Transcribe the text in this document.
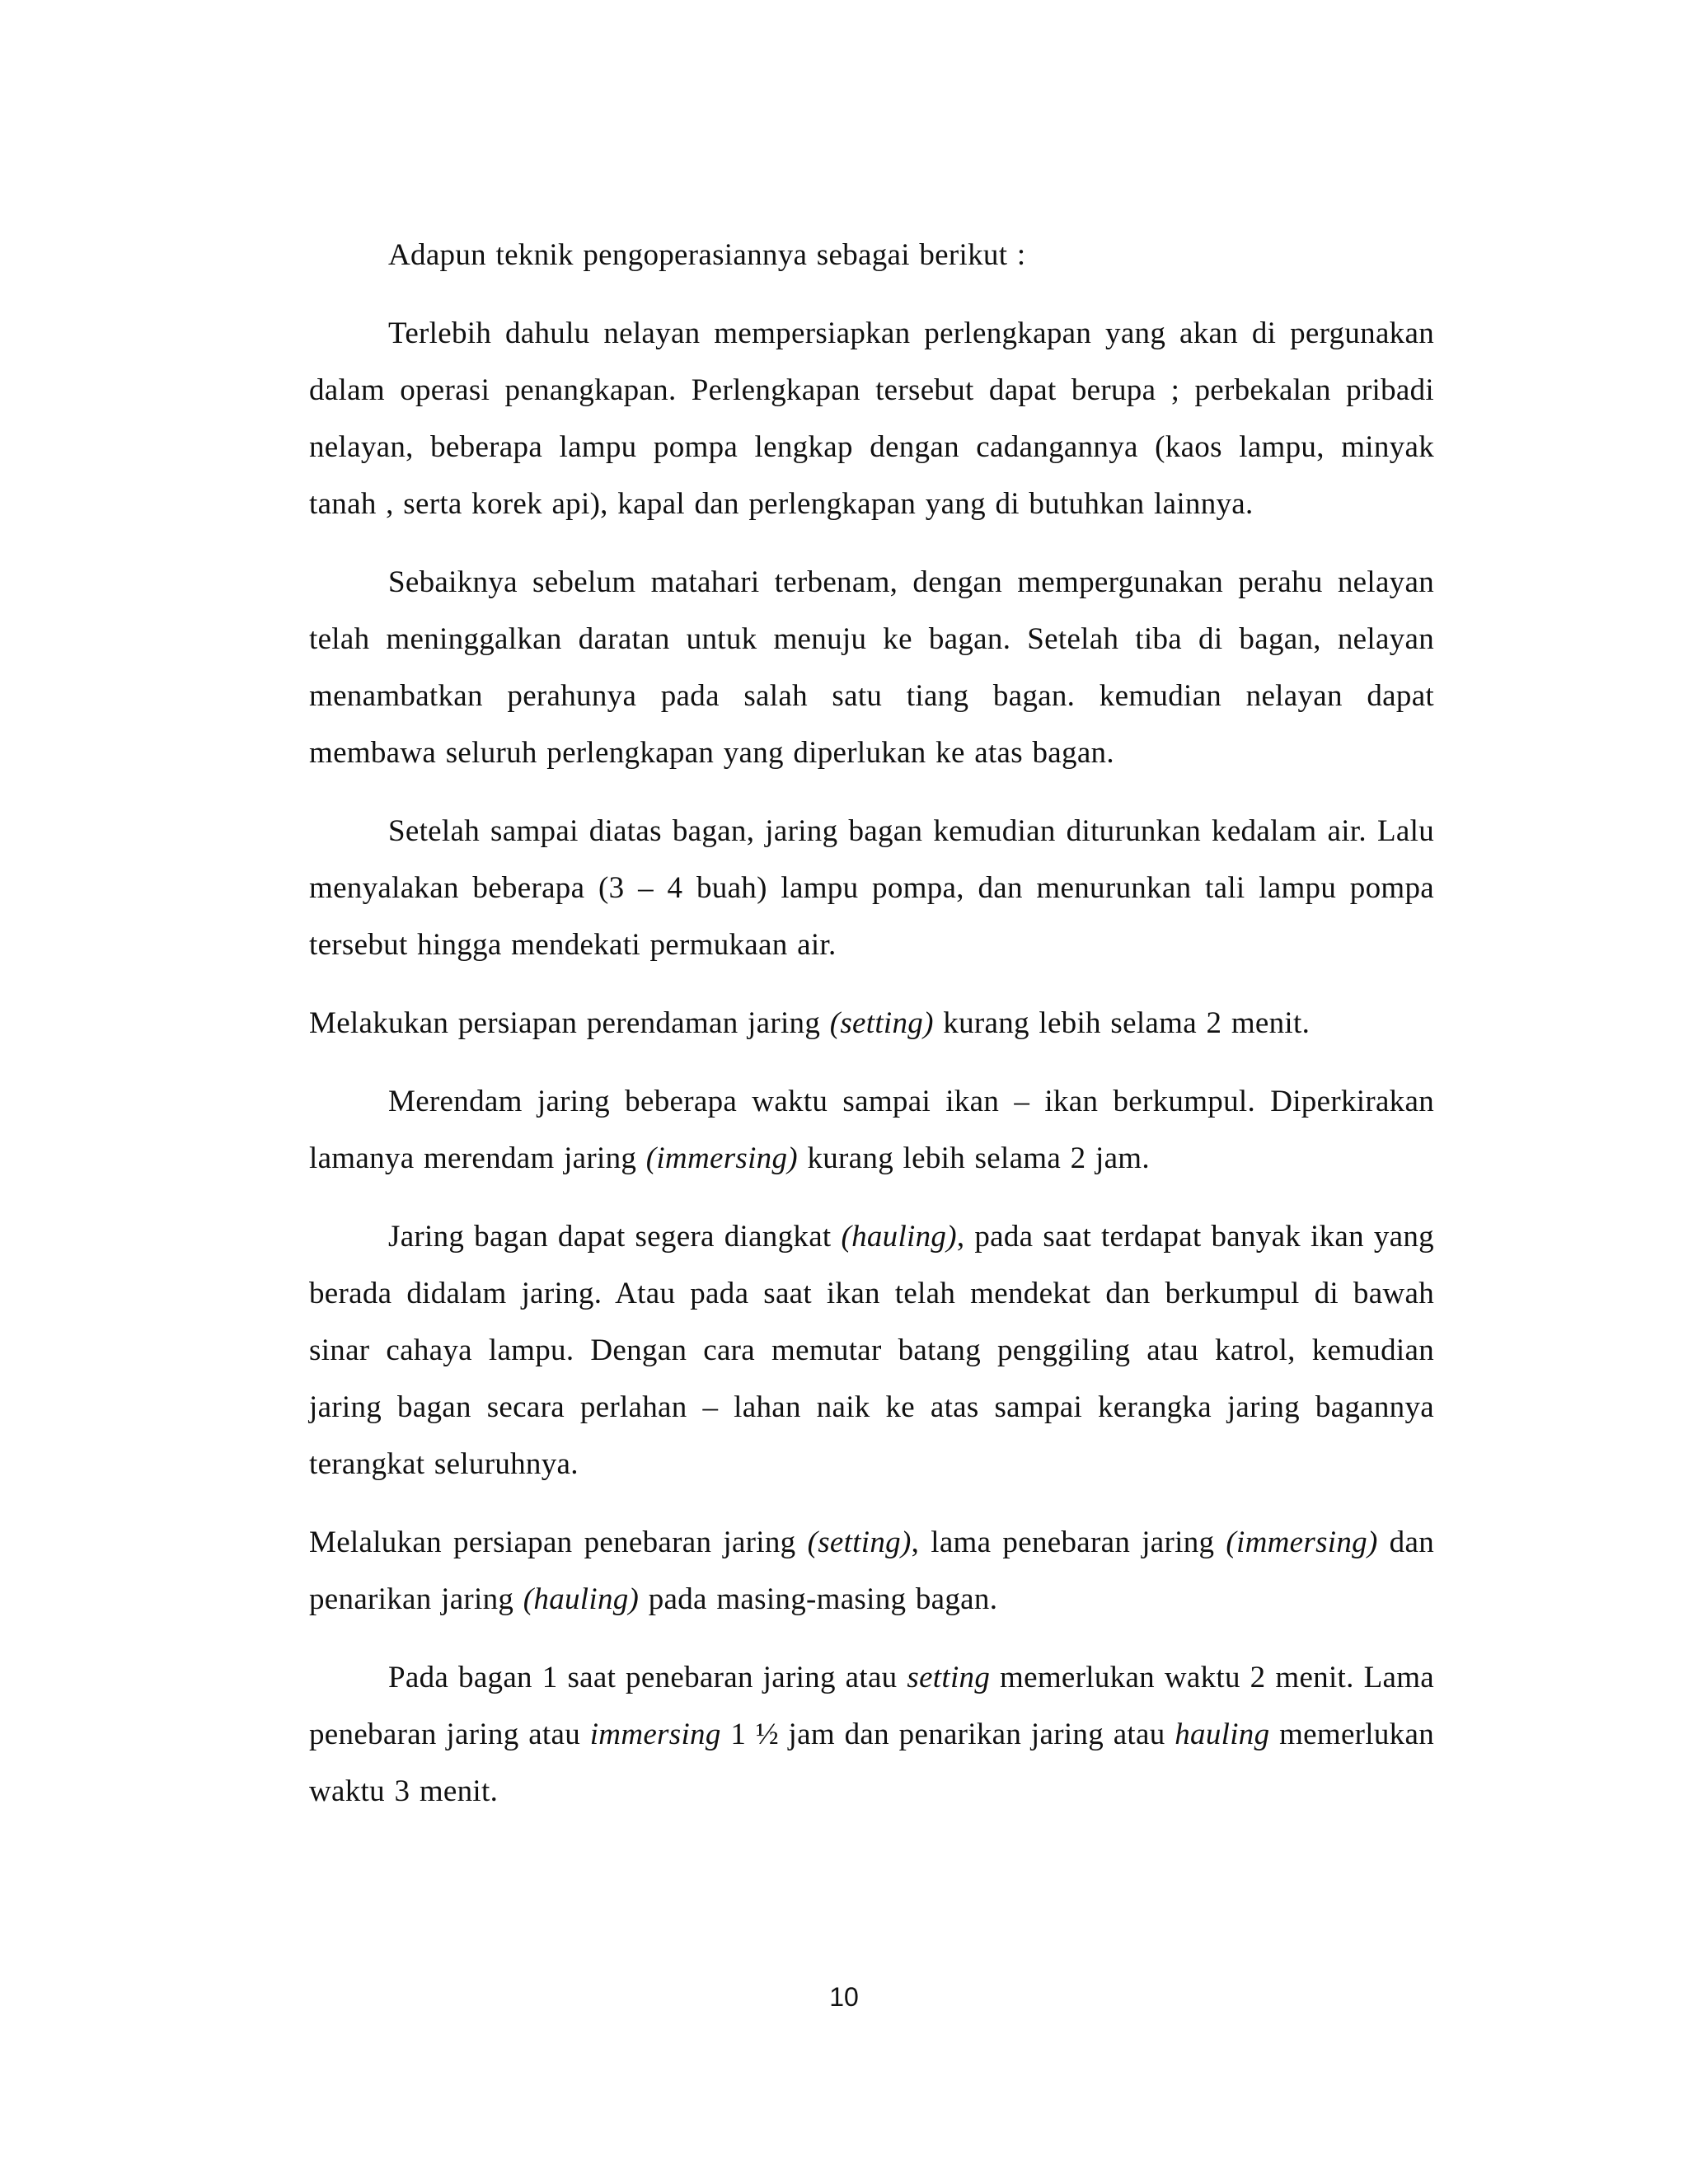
Adapun teknik pengoperasiannya sebagai berikut :

Terlebih dahulu nelayan mempersiapkan perlengkapan yang akan di pergunakan dalam operasi penangkapan. Perlengkapan tersebut dapat berupa ; perbekalan pribadi nelayan, beberapa lampu pompa lengkap dengan cadangannya (kaos lampu, minyak tanah , serta korek api), kapal dan perlengkapan yang di butuhkan lainnya.

Sebaiknya sebelum matahari terbenam, dengan mempergunakan perahu nelayan telah meninggalkan daratan untuk menuju ke bagan. Setelah tiba di bagan, nelayan menambatkan perahunya pada salah satu tiang bagan. kemudian nelayan dapat membawa seluruh perlengkapan yang diperlukan ke atas bagan.

Setelah sampai diatas bagan, jaring bagan kemudian diturunkan kedalam air. Lalu menyalakan beberapa (3 – 4 buah) lampu pompa, dan menurunkan tali lampu pompa tersebut hingga mendekati permukaan air.

Melakukan persiapan perendaman jaring (setting) kurang lebih selama 2 menit.

Merendam jaring beberapa waktu sampai ikan – ikan berkumpul. Diperkirakan lamanya merendam jaring (immersing) kurang lebih selama 2 jam.

Jaring bagan dapat segera diangkat (hauling), pada saat terdapat banyak ikan yang berada didalam jaring. Atau pada saat ikan telah mendekat dan berkumpul di bawah sinar cahaya lampu. Dengan cara memutar batang penggiling atau katrol, kemudian jaring bagan secara perlahan – lahan naik ke atas sampai kerangka jaring bagannya terangkat seluruhnya.

Melalukan persiapan penebaran jaring (setting), lama penebaran jaring (immersing) dan penarikan jaring (hauling) pada masing-masing bagan.

Pada bagan 1 saat penebaran jaring atau setting memerlukan waktu 2 menit. Lama penebaran jaring atau immersing 1 ½ jam dan penarikan jaring atau hauling memerlukan waktu 3 menit.

10
